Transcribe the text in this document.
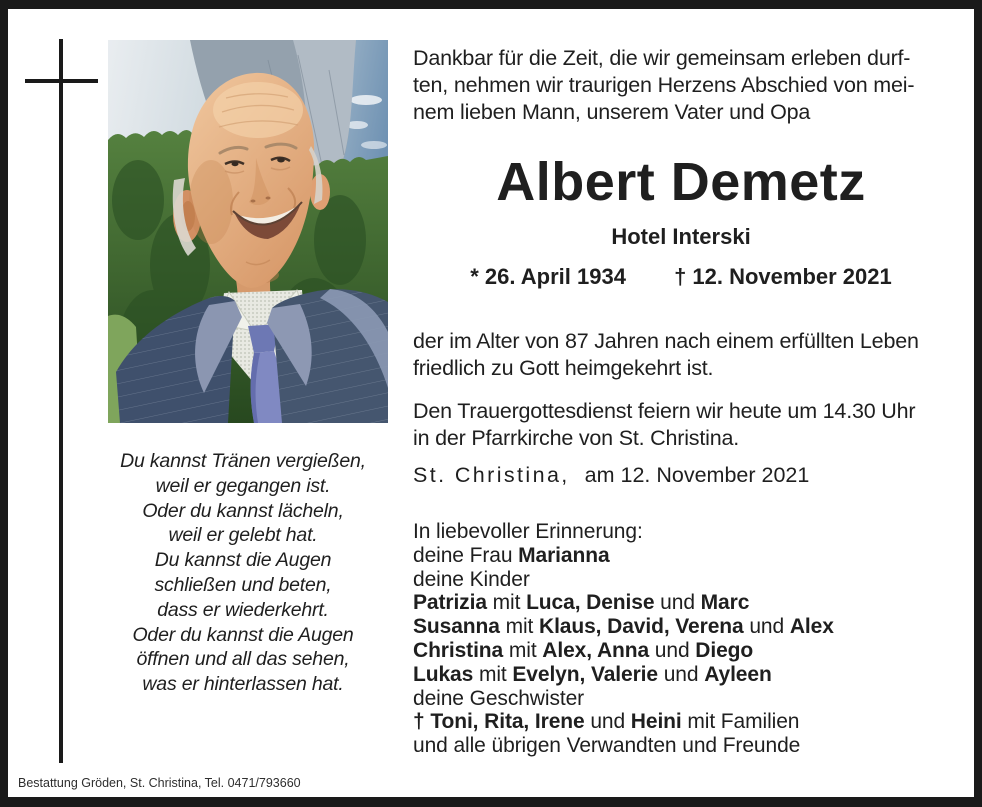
Du kannst Tränen vergießen,
weil er gegangen ist.
Oder du kannst lächeln,
weil er gelebt hat.
Du kannst die Augen
schließen und beten,
dass er wiederkehrt.
Oder du kannst die Augen
öffnen und all das sehen,
was er hinterlassen hat.
Dankbar für die Zeit, die wir gemeinsam erleben durf-
ten, nehmen wir traurigen Herzens Abschied von mei-
nem lieben Mann, unserem Vater und Opa
Albert Demetz
Hotel Interski
* 26. April 1934 † 12. November 2021
der im Alter von 87 Jahren nach einem erfüllten Leben
friedlich zu Gott heimgekehrt ist.
Den Trauergottesdienst feiern wir heute um 14.30 Uhr
in der Pfarrkirche von St. Christina.
St. Christina, am 12. November 2021
In liebevoller Erinnerung:
deine Frau Marianna
deine Kinder
Patrizia mit Luca, Denise und Marc
Susanna mit Klaus, David, Verena und Alex
Christina mit Alex, Anna und Diego
Lukas mit Evelyn, Valerie und Ayleen
deine Geschwister
† Toni, Rita, Irene und Heini mit Familien
und alle übrigen Verwandten und Freunde
Bestattung Gröden, St. Christina, Tel. 0471/793660
